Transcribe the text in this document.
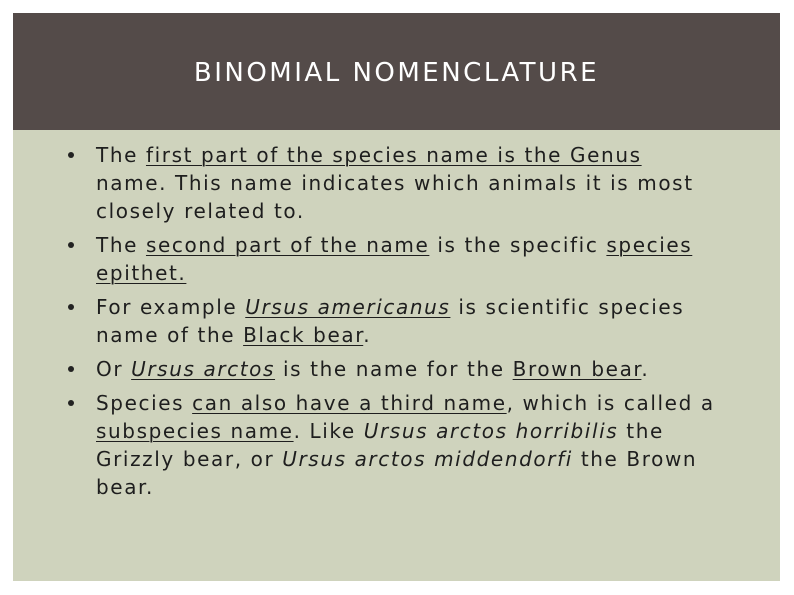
BINOMIAL NOMENCLATURE
The first part of the species name is the Genus name. This name indicates which animals it is most closely related to.
The second part of the name is the specific species epithet.
For example Ursus americanus is scientific species name of the Black bear.
Or Ursus arctos is the name for the Brown bear.
Species can also have a third name, which is called a subspecies name. Like Ursus arctos horribilis the Grizzly bear, or Ursus arctos middendorfi the Brown bear.
